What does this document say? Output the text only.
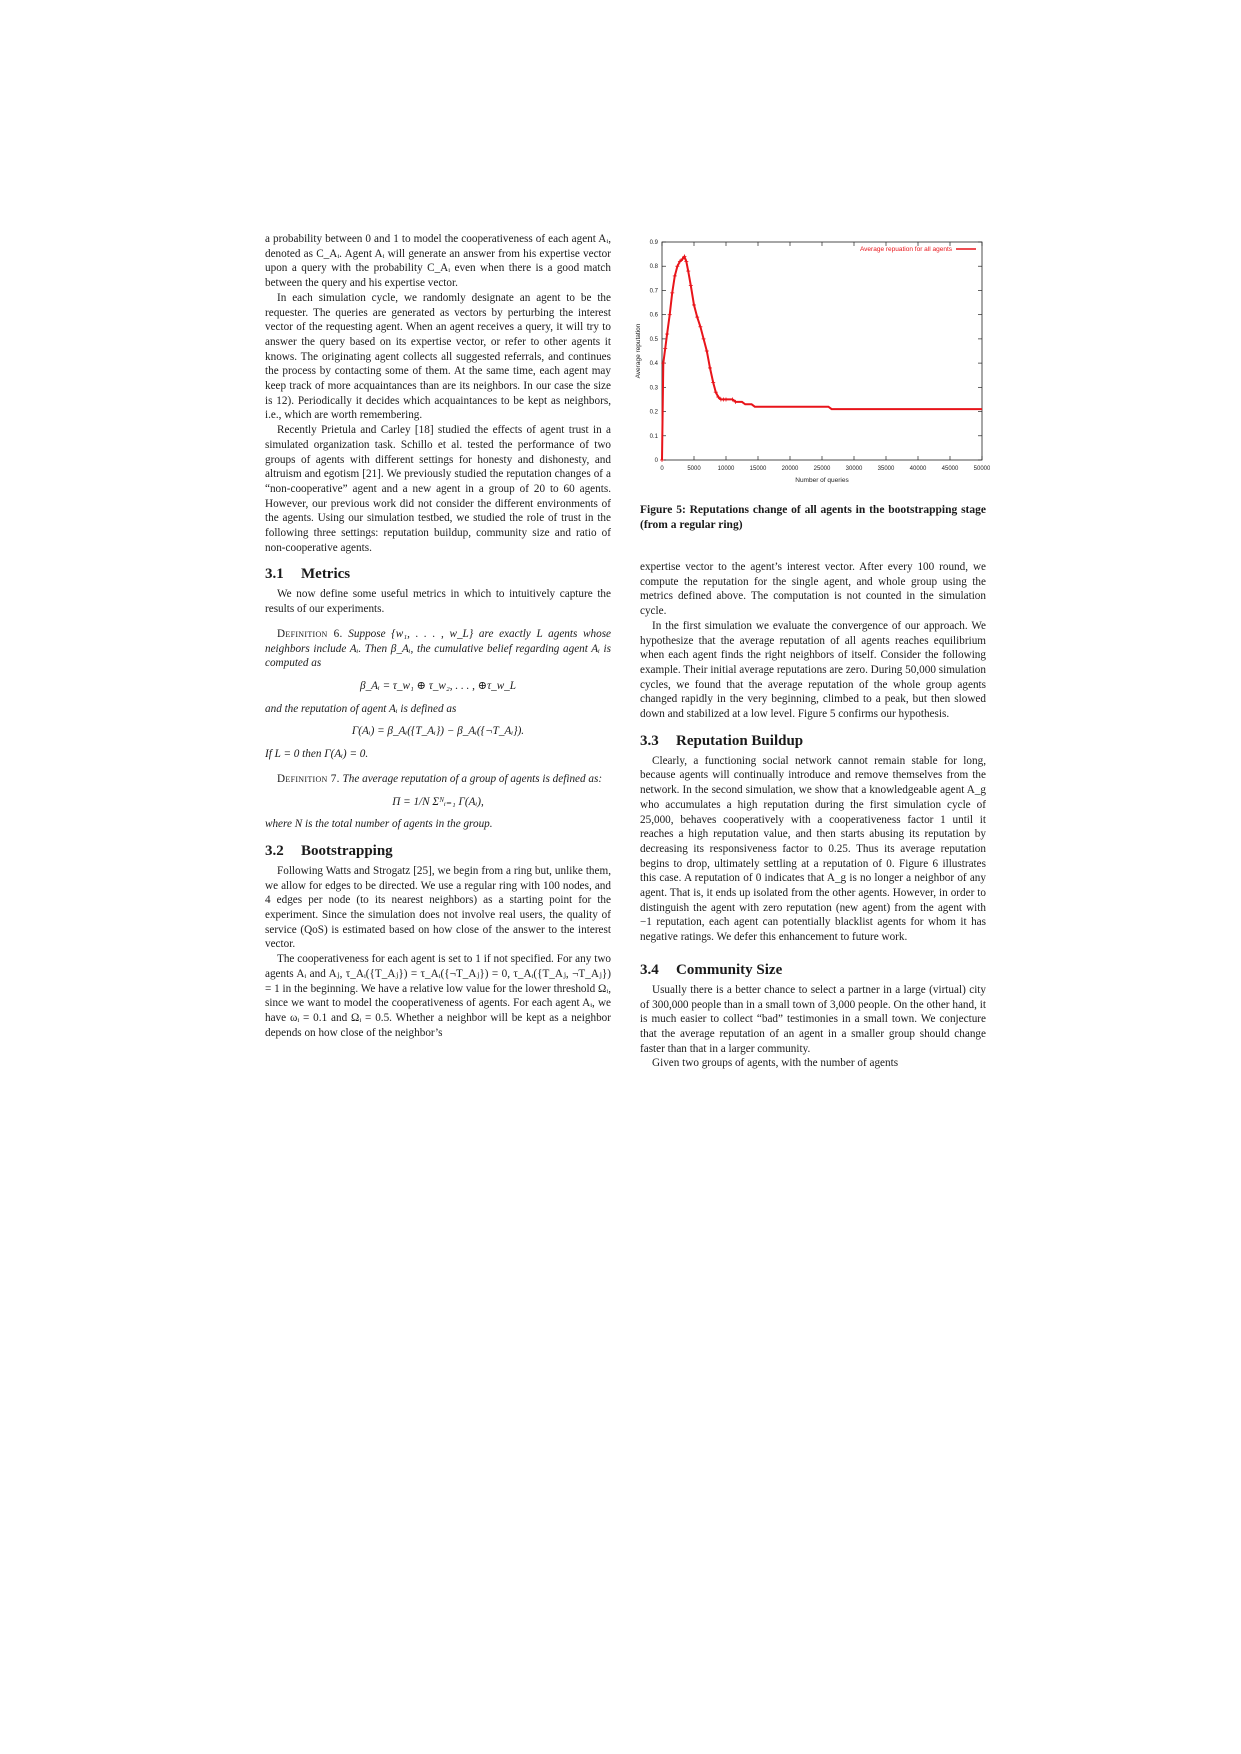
a probability between 0 and 1 to model the cooperativeness of each agent Aᵢ, denoted as C_Aᵢ. Agent Aᵢ will generate an answer from his expertise vector upon a query with the probability C_Aᵢ even when there is a good match between the query and his expertise vector.

In each simulation cycle, we randomly designate an agent to be the requester. The queries are generated as vectors by perturbing the interest vector of the requesting agent. When an agent receives a query, it will try to answer the query based on its expertise vector, or refer to other agents it knows. The originating agent collects all suggested referrals, and continues the process by contacting some of them. At the same time, each agent may keep track of more acquaintances than are its neighbors. In our case the size is 12). Periodically it decides which acquaintances to be kept as neighbors, i.e., which are worth remembering.

Recently Prietula and Carley [18] studied the effects of agent trust in a simulated organization task. Schillo et al. tested the performance of two groups of agents with different settings for honesty and dishonesty, and altruism and egotism [21]. We previously studied the reputation changes of a “non-cooperative” agent and a new agent in a group of 20 to 60 agents. However, our previous work did not consider the different environments of the agents. Using our simulation testbed, we studied the role of trust in the following three settings: reputation buildup, community size and ratio of non-cooperative agents.

3.1 Metrics

We now define some useful metrics in which to intuitively capture the results of our experiments.

Definition 6. Suppose {w₁, . . . , w_L} are exactly L agents whose neighbors include Aᵢ. Then β_Aᵢ, the cumulative belief regarding agent Aᵢ is computed as
β_Aᵢ = τ_w₁ ⊕ τ_w₂, . . . , ⊕τ_w_L
and the reputation of agent Aᵢ is defined as
Γ(Aᵢ) = β_Aᵢ({T_Aᵢ}) − β_Aᵢ({¬T_Aᵢ}).
If L = 0 then Γ(Aᵢ) = 0.
Definition 7. The average reputation of a group of agents is defined as:
Π = 1/N Σᴺᵢ₌₁ Γ(Aᵢ),
where N is the total number of agents in the group.
3.2 Bootstrapping

Following Watts and Strogatz [25], we begin from a ring but, unlike them, we allow for edges to be directed. We use a regular ring with 100 nodes, and 4 edges per node (to its nearest neighbors) as a starting point for the experiment. Since the simulation does not involve real users, the quality of service (QoS) is estimated based on how close of the answer to the interest vector.

The cooperativeness for each agent is set to 1 if not specified. For any two agents Aᵢ and Aⱼ, τ_Aᵢ({T_Aⱼ}) = τ_Aᵢ({¬T_Aⱼ}) = 0, τ_Aᵢ({T_Aⱼ, ¬T_Aⱼ}) = 1 in the beginning. We have a relative low value for the lower threshold Ωᵢ, since we want to model the cooperativeness of agents. For each agent Aᵢ, we have ωᵢ = 0.1 and Ωᵢ = 0.5. Whether a neighbor will be kept as a neighbor depends on how close of the neighbor’s

0
0.1
0.2
0.3
0.4
0.5
0.6
0.7
0.8
0.9
0	5000	10000	15000	20000	25000	30000	35000	40000	45000	50000
Average reputation
Number of queries
Average repuation for all agents
Figure 5: Reputations change of all agents in the bootstrapping stage (from a regular ring)

expertise vector to the agent’s interest vector. After every 100 round, we compute the reputation for the single agent, and whole group using the metrics defined above. The computation is not counted in the simulation cycle.

In the first simulation we evaluate the convergence of our approach. We hypothesize that the average reputation of all agents reaches equilibrium when each agent finds the right neighbors of itself. Consider the following example. Their initial average reputations are zero. During 50,000 simulation cycles, we found that the average reputation of the whole group agents changed rapidly in the very beginning, climbed to a peak, but then slowed down and stabilized at a low level. Figure 5 confirms our hypothesis.

3.3 Reputation Buildup

Clearly, a functioning social network cannot remain stable for long, because agents will continually introduce and remove themselves from the network. In the second simulation, we show that a knowledgeable agent A_g who accumulates a high reputation during the first simulation cycle of 25,000, behaves cooperatively with a cooperativeness factor 1 until it reaches a high reputation value, and then starts abusing its reputation by decreasing its responsiveness factor to 0.25. Thus its average reputation begins to drop, ultimately settling at a reputation of 0. Figure 6 illustrates this case. A reputation of 0 indicates that A_g is no longer a neighbor of any agent. That is, it ends up isolated from the other agents. However, in order to distinguish the agent with zero reputation (new agent) from the agent with −1 reputation, each agent can potentially blacklist agents for whom it has negative ratings. We defer this enhancement to future work.

3.4 Community Size

Usually there is a better chance to select a partner in a large (virtual) city of 300,000 people than in a small town of 3,000 people. On the other hand, it is much easier to collect “bad” testimonies in a small town. We conjecture that the average reputation of an agent in a smaller group should change faster than that in a larger community.

Given two groups of agents, with the number of agents
